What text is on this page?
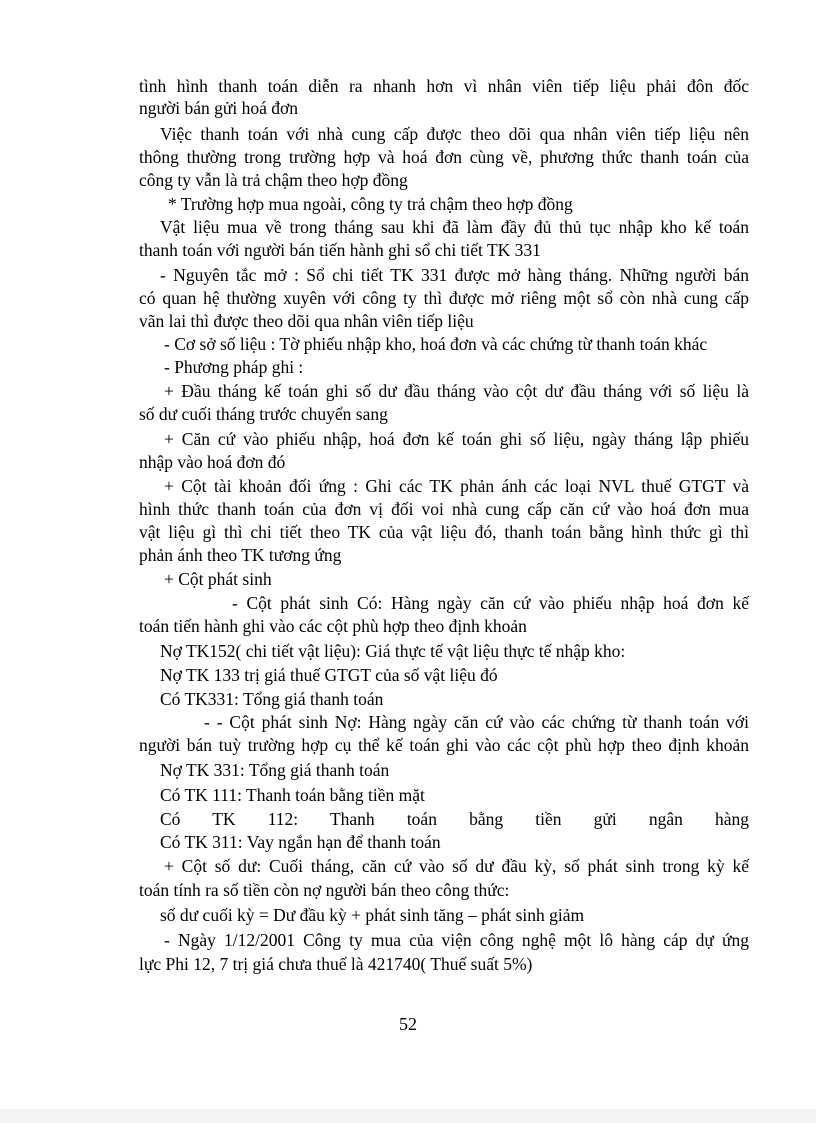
tình hình thanh toán diễn ra nhanh hơn vì nhân viên tiếp liệu phải đôn đốc
người bán gửi hoá đơn
Việc thanh toán với nhà cung cấp được theo dõi qua nhân viên tiếp liệu nên
thông thường trong trường hợp và hoá đơn cùng về, phương thức thanh toán của
công ty vẫn là trả chậm theo hợp đồng
* Trường hợp mua ngoài, công ty trả chậm theo hợp đồng
Vật liệu mua về trong tháng sau khi đã làm đầy đủ thủ tục nhập kho kế toán
thanh toán với người bán tiến hành ghi sổ chi tiết TK 331
- Nguyên tắc mở : Sổ chi tiết TK 331 được mở hàng tháng. Những người bán
có quan hệ thường xuyên với công ty thì được mở riêng một sổ còn nhà cung cấp
vãn lai thì được theo dõi qua nhân viên tiếp liệu
- Cơ sở số liệu : Tờ phiếu nhập kho, hoá đơn và các chứng từ thanh toán khác
- Phương pháp ghi :
+ Đầu tháng kế toán ghi số dư đầu tháng vào cột dư đầu tháng với số liệu là
số dư cuối tháng trước chuyển sang
+ Căn cứ vào phiếu nhập, hoá đơn kế toán ghi số liệu, ngày tháng lập phiếu
nhập vào hoá đơn đó
+ Cột tài khoản đối ứng : Ghi các TK phản ánh các loại NVL thuế GTGT và
hình thức thanh toán của đơn vị đối voi nhà cung cấp căn cứ vào hoá đơn mua
vật liệu gì thì chi tiết theo TK của vật liệu đó, thanh toán bằng hình thức gì thì
phản ánh theo TK tương ứng
+ Cột phát sinh
- Cột phát sinh Có: Hàng ngày căn cứ vào phiếu nhập hoá đơn kế
toán tiến hành ghi vào các cột phù hợp theo định khoản
Nợ TK152( chi tiết vật liệu): Giá thực tế vật liệu thực tế nhập kho:
Nợ TK 133 trị giá thuế GTGT của số vật liệu đó
Có TK331: Tổng giá thanh toán
- - Cột phát sinh Nợ: Hàng ngày căn cứ vào các chứng từ thanh toán với
người bán tuỳ trường hợp cụ thể kế toán ghi vào các cột phù hợp theo định khoản
Nợ TK 331: Tổng giá thanh toán
Có TK 111: Thanh toán bằng tiền mặt
Có TK 112: Thanh toán bằng tiền gửi ngân hàng
Có TK 311: Vay ngắn hạn để thanh toán
+ Cột số dư: Cuối tháng, căn cứ vào số dư đầu kỳ, số phát sinh trong kỳ kế
toán tính ra số tiền còn nợ người bán theo công thức:
số dư cuối kỳ = Dư đầu kỳ + phát sinh tăng – phát sinh giảm
- Ngày 1/12/2001 Công ty mua của viện công nghệ một lô hàng cáp dự ứng
lực Phi 12, 7 trị giá chưa thuế là 421740( Thuế suất 5%)
52
